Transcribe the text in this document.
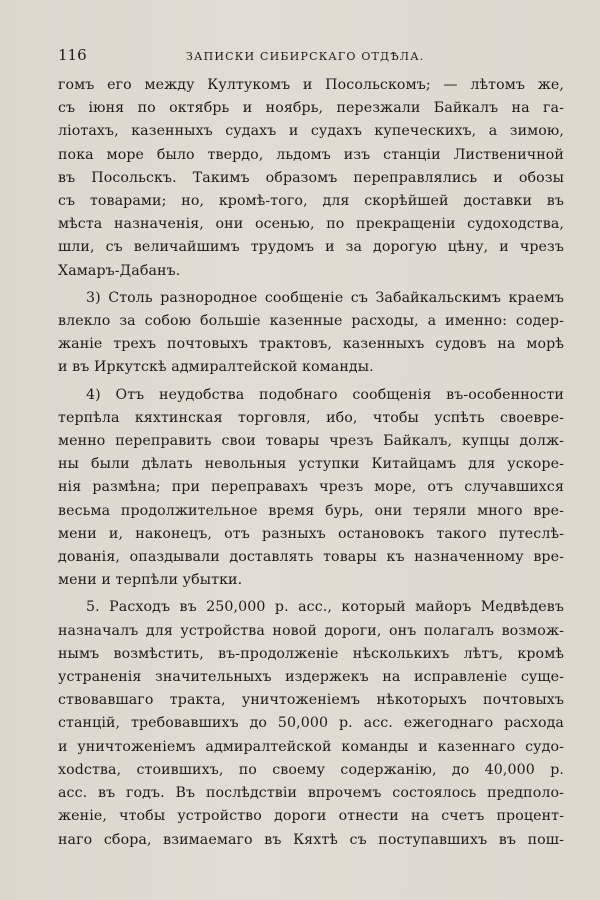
116	ЗАПИСКИ СИБИРСКАГО ОТДѢЛА.
гомъ его между Култукомъ и Посольскомъ; — лѣтомъ же,
съ іюня по октябрь и ноябрь, перезжали Байкалъ на га-
ліотахъ, казенныхъ судахъ и судахъ купеческихъ, а зимою,
пока море было твердо, льдомъ изъ станціи Лиственичной
въ Посольскъ. Такимъ образомъ переправлялись и обозы
съ товарами; но, кромѣ-того, для скорѣйшей доставки въ
мѣста назначенія, они осенью, по прекращеніи судоходства,
шли, съ величайшимъ трудомъ и за дорогую цѣну, и чрезъ
Хамаръ-Дабанъ.
3) Столь разнородное сообщеніе съ Забайкальскимъ краемъ
влекло за собою большіе казенные расходы, а именно: содер-
жаніе трехъ почтовыхъ трактовъ, казенныхъ судовъ на морѣ
и въ Иркутскѣ адмиралтейской команды.
4) Отъ неудобства подобнаго сообщенія въ-особенности
терпѣла кяхтинская торговля, ибо, чтобы успѣть своевре-
менно переправить свои товары чрезъ Байкалъ, купцы долж-
ны были дѣлать невольныя уступки Китайцамъ для ускоре-
нія размѣна; при переправахъ чрезъ море, отъ случавшихся
весьма продолжительное время бурь, они теряли много вре-
мени и, наконецъ, отъ разныхъ остановокъ такого путеслѣ-
дованія, опаздывали доставлять товары къ назначенному вре-
мени и терпѣли убытки.
5. Расходъ въ 250,000 р. асс., который майоръ Медвѣдевъ
назначалъ для устройства новой дороги, онъ полагалъ возмож-
нымъ возмѣстить, въ-продолженіе нѣсколькихъ лѣтъ, кромѣ
устраненія значительныхъ издержекъ на исправленіе суще-
ствовавшаго тракта, уничтоженіемъ нѣкоторыхъ почтовыхъ
станцій, требовавшихъ до 50,000 р. асс. ежегоднаго расхода
и уничтоженіемъ адмиралтейской команды и казеннаго судо-
хodства, стоившихъ, по своему содержанію, до 40,000 р.
асс. въ годъ. Въ послѣдствіи впрочемъ состоялось предполо-
женіе, чтобы устройство дороги отнести на счетъ процент-
наго сбора, взимаемаго въ Кяхтѣ съ поступавшихъ въ пош-
